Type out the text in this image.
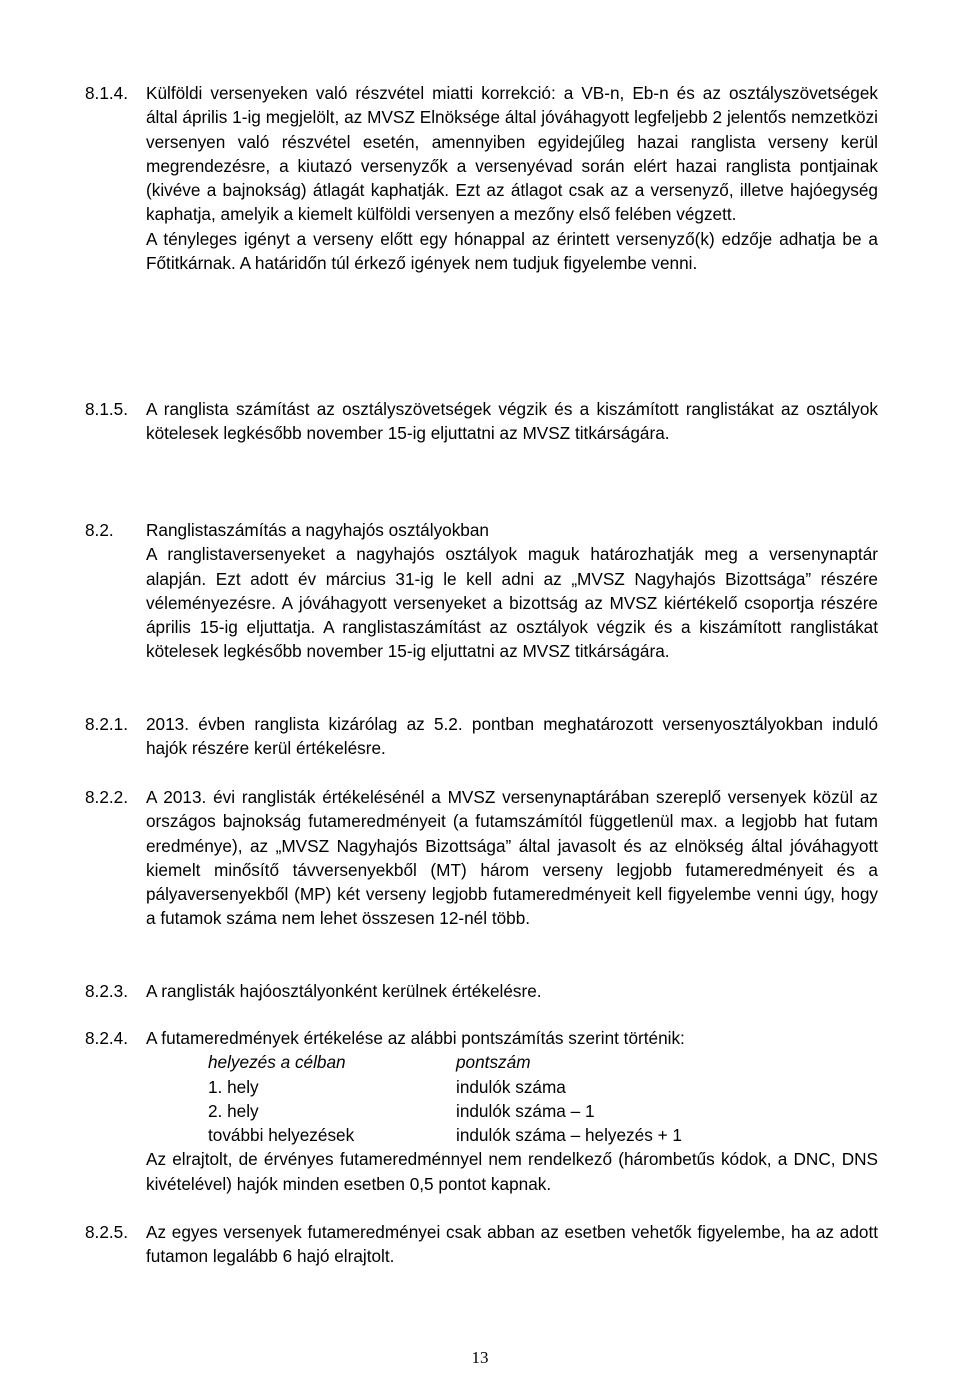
8.1.4. Külföldi versenyeken való részvétel miatti korrekció: a VB-n, Eb-n és az osztályszövetségek által április 1-ig megjelölt, az MVSZ Elnöksége által jóváhagyott legfeljebb 2 jelentős nemzetközi versenyen való részvétel esetén, amennyiben egyidejűleg hazai ranglista verseny kerül megrendezésre, a kiutazó versenyzők a versenyévad során elért hazai ranglista pontjainak (kivéve a bajnokság) átlagát kaphatják. Ezt az átlagot csak az a versenyző, illetve hajóegység kaphatja, amelyik a kiemelt külföldi versenyen a mezőny első felében végzett.

A tényleges igényt a verseny előtt egy hónappal az érintett versenyző(k) edzője adhatja be a Főtitkárnak. A határidőn túl érkező igények nem tudjuk figyelembe venni.

8.1.5. A ranglista számítást az osztályszövetségek végzik és a kiszámított ranglistákat az osztályok kötelesek legkésőbb november 15-ig eljuttatni az MVSZ titkárságára.

8.2. Ranglistaszámítás a nagyhajós osztályokban

A ranglistaversenyeket a nagyhajós osztályok maguk határozhatják meg a versenynaptár alapján. Ezt adott év március 31-ig le kell adni az „MVSZ Nagyhajós Bizottsága” részére véleményezésre. A jóváhagyott versenyeket a bizottság az MVSZ kiértékelő csoportja részére április 15-ig eljuttatja. A ranglistaszámítást az osztályok végzik és a kiszámított ranglistákat kötelesek legkésőbb november 15-ig eljuttatni az MVSZ titkárságára.

8.2.1. 2013. évben ranglista kizárólag az 5.2. pontban meghatározott versenyosztályokban induló hajók részére kerül értékelésre.

8.2.2. A 2013. évi ranglisták értékelésénél a MVSZ versenynaptárában szereplő versenyek közül az országos bajnokság futameredményeit (a futamszámítól függetlenül max. a legjobb hat futam eredménye), az „MVSZ Nagyhajós Bizottsága” által javasolt és az elnökség által jóváhagyott kiemelt minősítő távversenyekből (MT) három verseny legjobb futameredményeit és a pályaversenyekből (MP) két verseny legjobb futameredményeit kell figyelembe venni úgy, hogy a futamok száma nem lehet összesen 12-nél több.

8.2.3. A ranglisták hajóosztályonként kerülnek értékelésre.

8.2.4. A futameredmények értékelése az alábbi pontszámítás szerint történik:

helyezés a célban	pontszám
1. hely	indulók száma
2. hely	indulók száma – 1
további helyezések	indulók száma – helyezés + 1

Az elrajtolt, de érvényes futameredménnyel nem rendelkező (hárombetűs kódok, a DNC, DNS kivételével) hajók minden esetben 0,5 pontot kapnak.

8.2.5. Az egyes versenyek futameredményei csak abban az esetben vehetők figyelembe, ha az adott futamon legalább 6 hajó elrajtolt.

13
